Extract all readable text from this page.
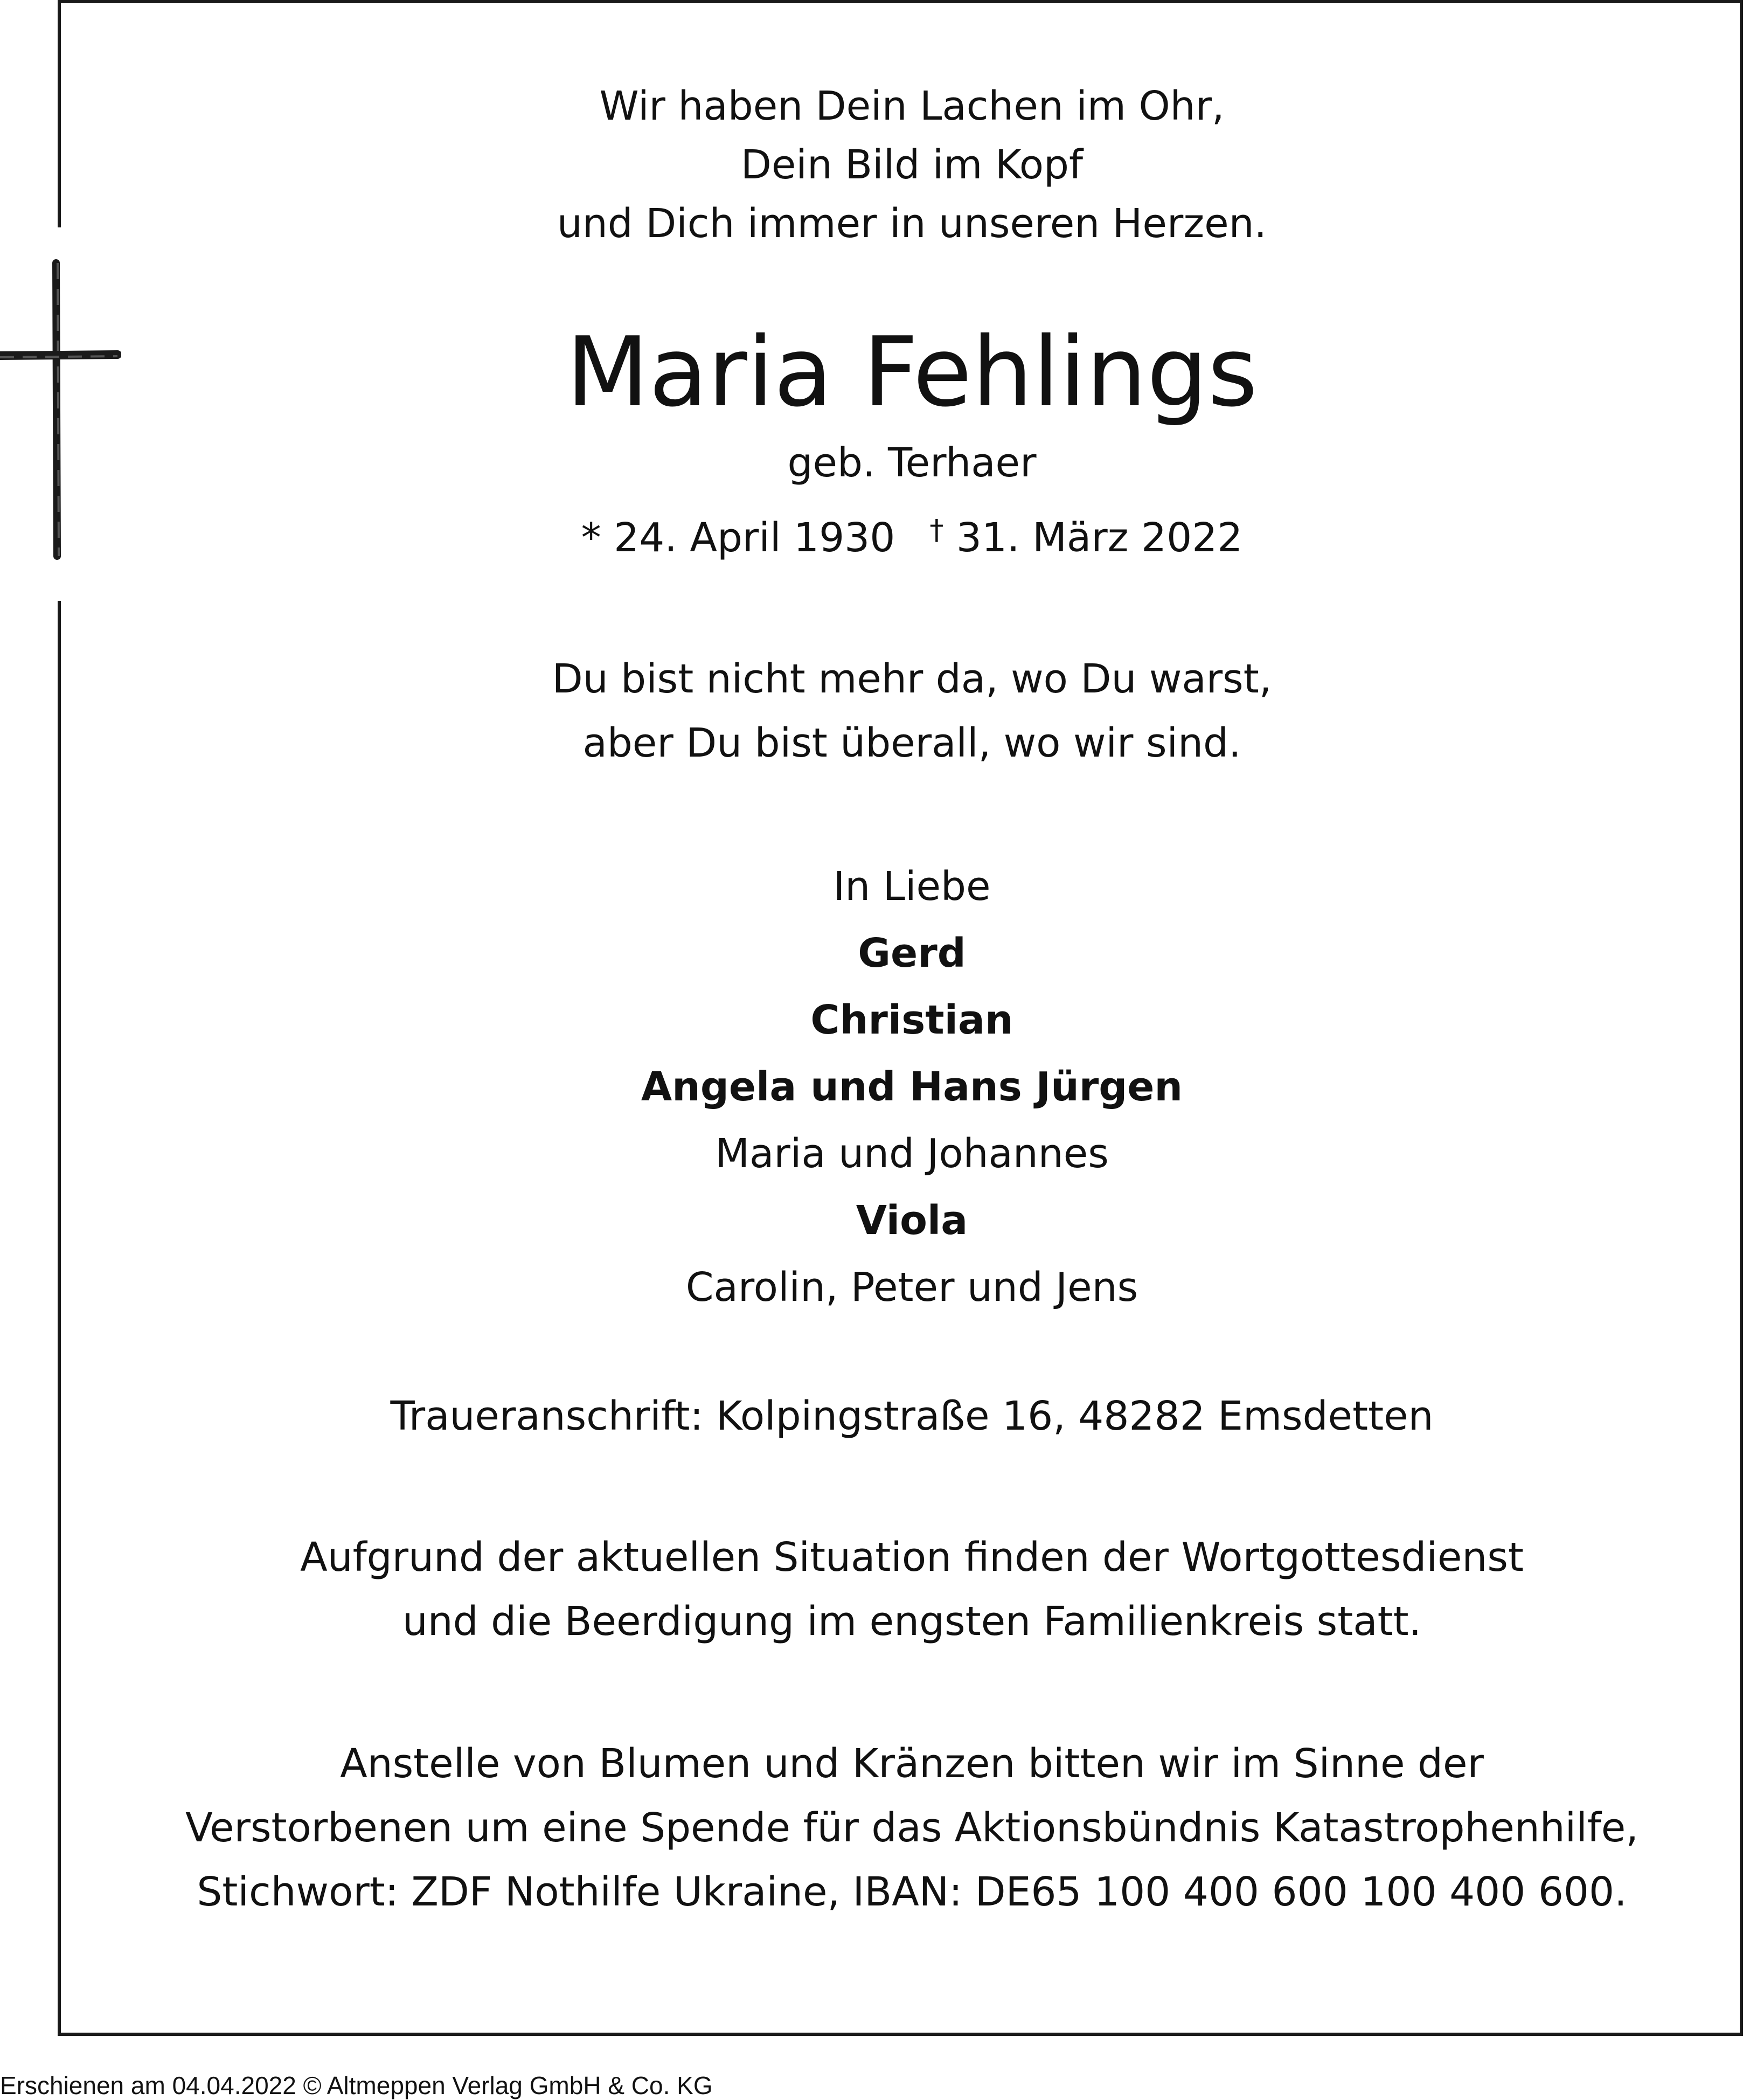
Wir haben Dein Lachen im Ohr,
Dein Bild im Kopf
und Dich immer in unseren Herzen.
Maria Fehlings
geb. Terhaer
* 24. April 1930 † 31. März 2022
Du bist nicht mehr da, wo Du warst,
aber Du bist überall, wo wir sind.
In Liebe
Gerd
Christian
Angela und Hans Jürgen
Maria und Johannes
Viola
Carolin, Peter und Jens
Traueranschrift: Kolpingstraße 16, 48282 Emsdetten
Aufgrund der aktuellen Situation finden der Wortgottesdienst
und die Beerdigung im engsten Familienkreis statt.
Anstelle von Blumen und Kränzen bitten wir im Sinne der
Verstorbenen um eine Spende für das Aktionsbündnis Katastrophenhilfe,
Stichwort: ZDF Nothilfe Ukraine, IBAN: DE65 100 400 600 100 400 600.
Erschienen am 04.04.2022 © Altmeppen Verlag GmbH & Co. KG
